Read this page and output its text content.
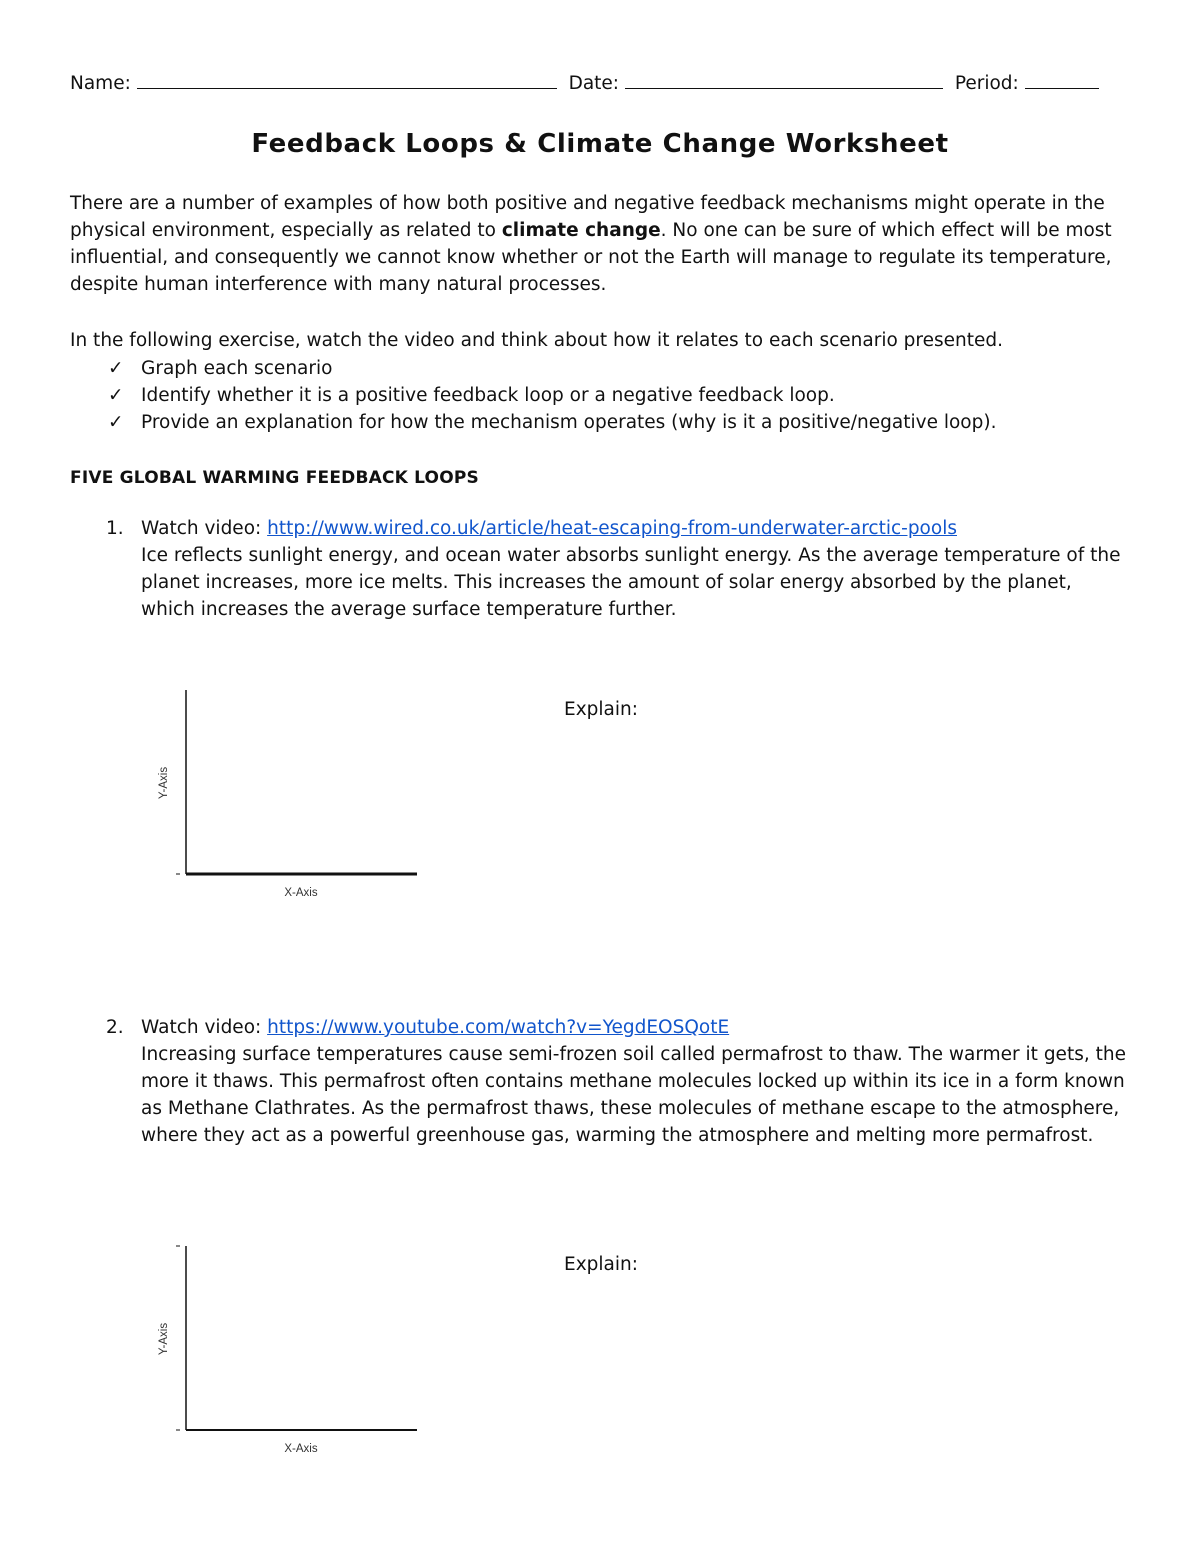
Name:	Date:	Period:
Feedback Loops & Climate Change Worksheet
There are a number of examples of how both positive and negative feedback mechanisms might operate in the physical environment, especially as related to climate change. No one can be sure of which effect will be most influential, and consequently we cannot know whether or not the Earth will manage to regulate its temperature, despite human interference with many natural processes.
In the following exercise, watch the video and think about how it relates to each scenario presented.
✓ Graph each scenario
✓ Identify whether it is a positive feedback loop or a negative feedback loop.
✓ Provide an explanation for how the mechanism operates (why is it a positive/negative loop).
FIVE GLOBAL WARMING FEEDBACK LOOPS
1. Watch video: http://www.wired.co.uk/article/heat-escaping-from-underwater-arctic-pools
Ice reflects sunlight energy, and ocean water absorbs sunlight energy. As the average temperature of the planet increases, more ice melts. This increases the amount of solar energy absorbed by the planet, which increases the average surface temperature further.
Y-Axis
X-Axis
Explain:
2. Watch video: https://www.youtube.com/watch?v=YegdEOSQotE
Increasing surface temperatures cause semi-frozen soil called permafrost to thaw. The warmer it gets, the more it thaws. This permafrost often contains methane molecules locked up within its ice in a form known as Methane Clathrates. As the permafrost thaws, these molecules of methane escape to the atmosphere, where they act as a powerful greenhouse gas, warming the atmosphere and melting more permafrost.
Y-Axis
X-Axis
Explain:
